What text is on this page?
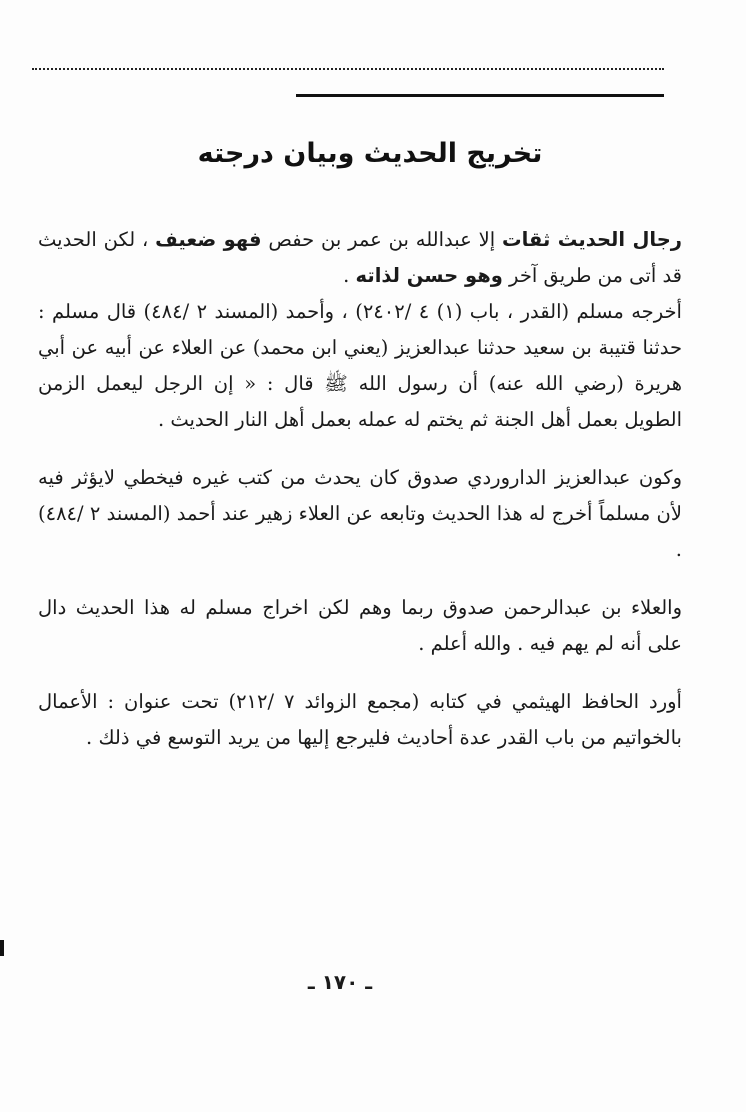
تخريج الحديث وبيان درجته

رجال الحديث ثقات إلا عبدالله بن عمر بن حفص فهو ضعيف ، لكن الحديث قد أتى من طريق آخر وهو حسن لذاته .

أخرجه مسلم (القدر ، باب (١) ٤ /٢٤٠٢) ، وأحمد (المسند ٢ /٤٨٤) قال مسلم : حدثنا قتيبة بن سعيد حدثنا عبدالعزيز (يعني ابن محمد) عن العلاء عن أبيه عن أبي هريرة (رضي الله عنه) أن رسول الله ﷺ قال : « إن الرجل ليعمل الزمن الطويل بعمل أهل الجنة ثم يختم له عمله بعمل أهل النار الحديث .

وكون عبدالعزيز الداروردي صدوق كان يحدث من كتب غيره فيخطي لايؤثر فيه لأن مسلماً أخرج له هذا الحديث وتابعه عن العلاء زهير عند أحمد (المسند ٢ /٤٨٤) .

والعلاء بن عبدالرحمن صدوق ربما وهم لكن اخراج مسلم له هذا الحديث دال على أنه لم يهم فيه . والله أعلم .

أورد الحافظ الهيثمي في كتابه (مجمع الزوائد ٧ /٢١٢) تحت عنوان : الأعمال بالخواتيم من باب القدر عدة أحاديث فليرجع إليها من يريد التوسع في ذلك .

ـ ١٧٠ ـ
